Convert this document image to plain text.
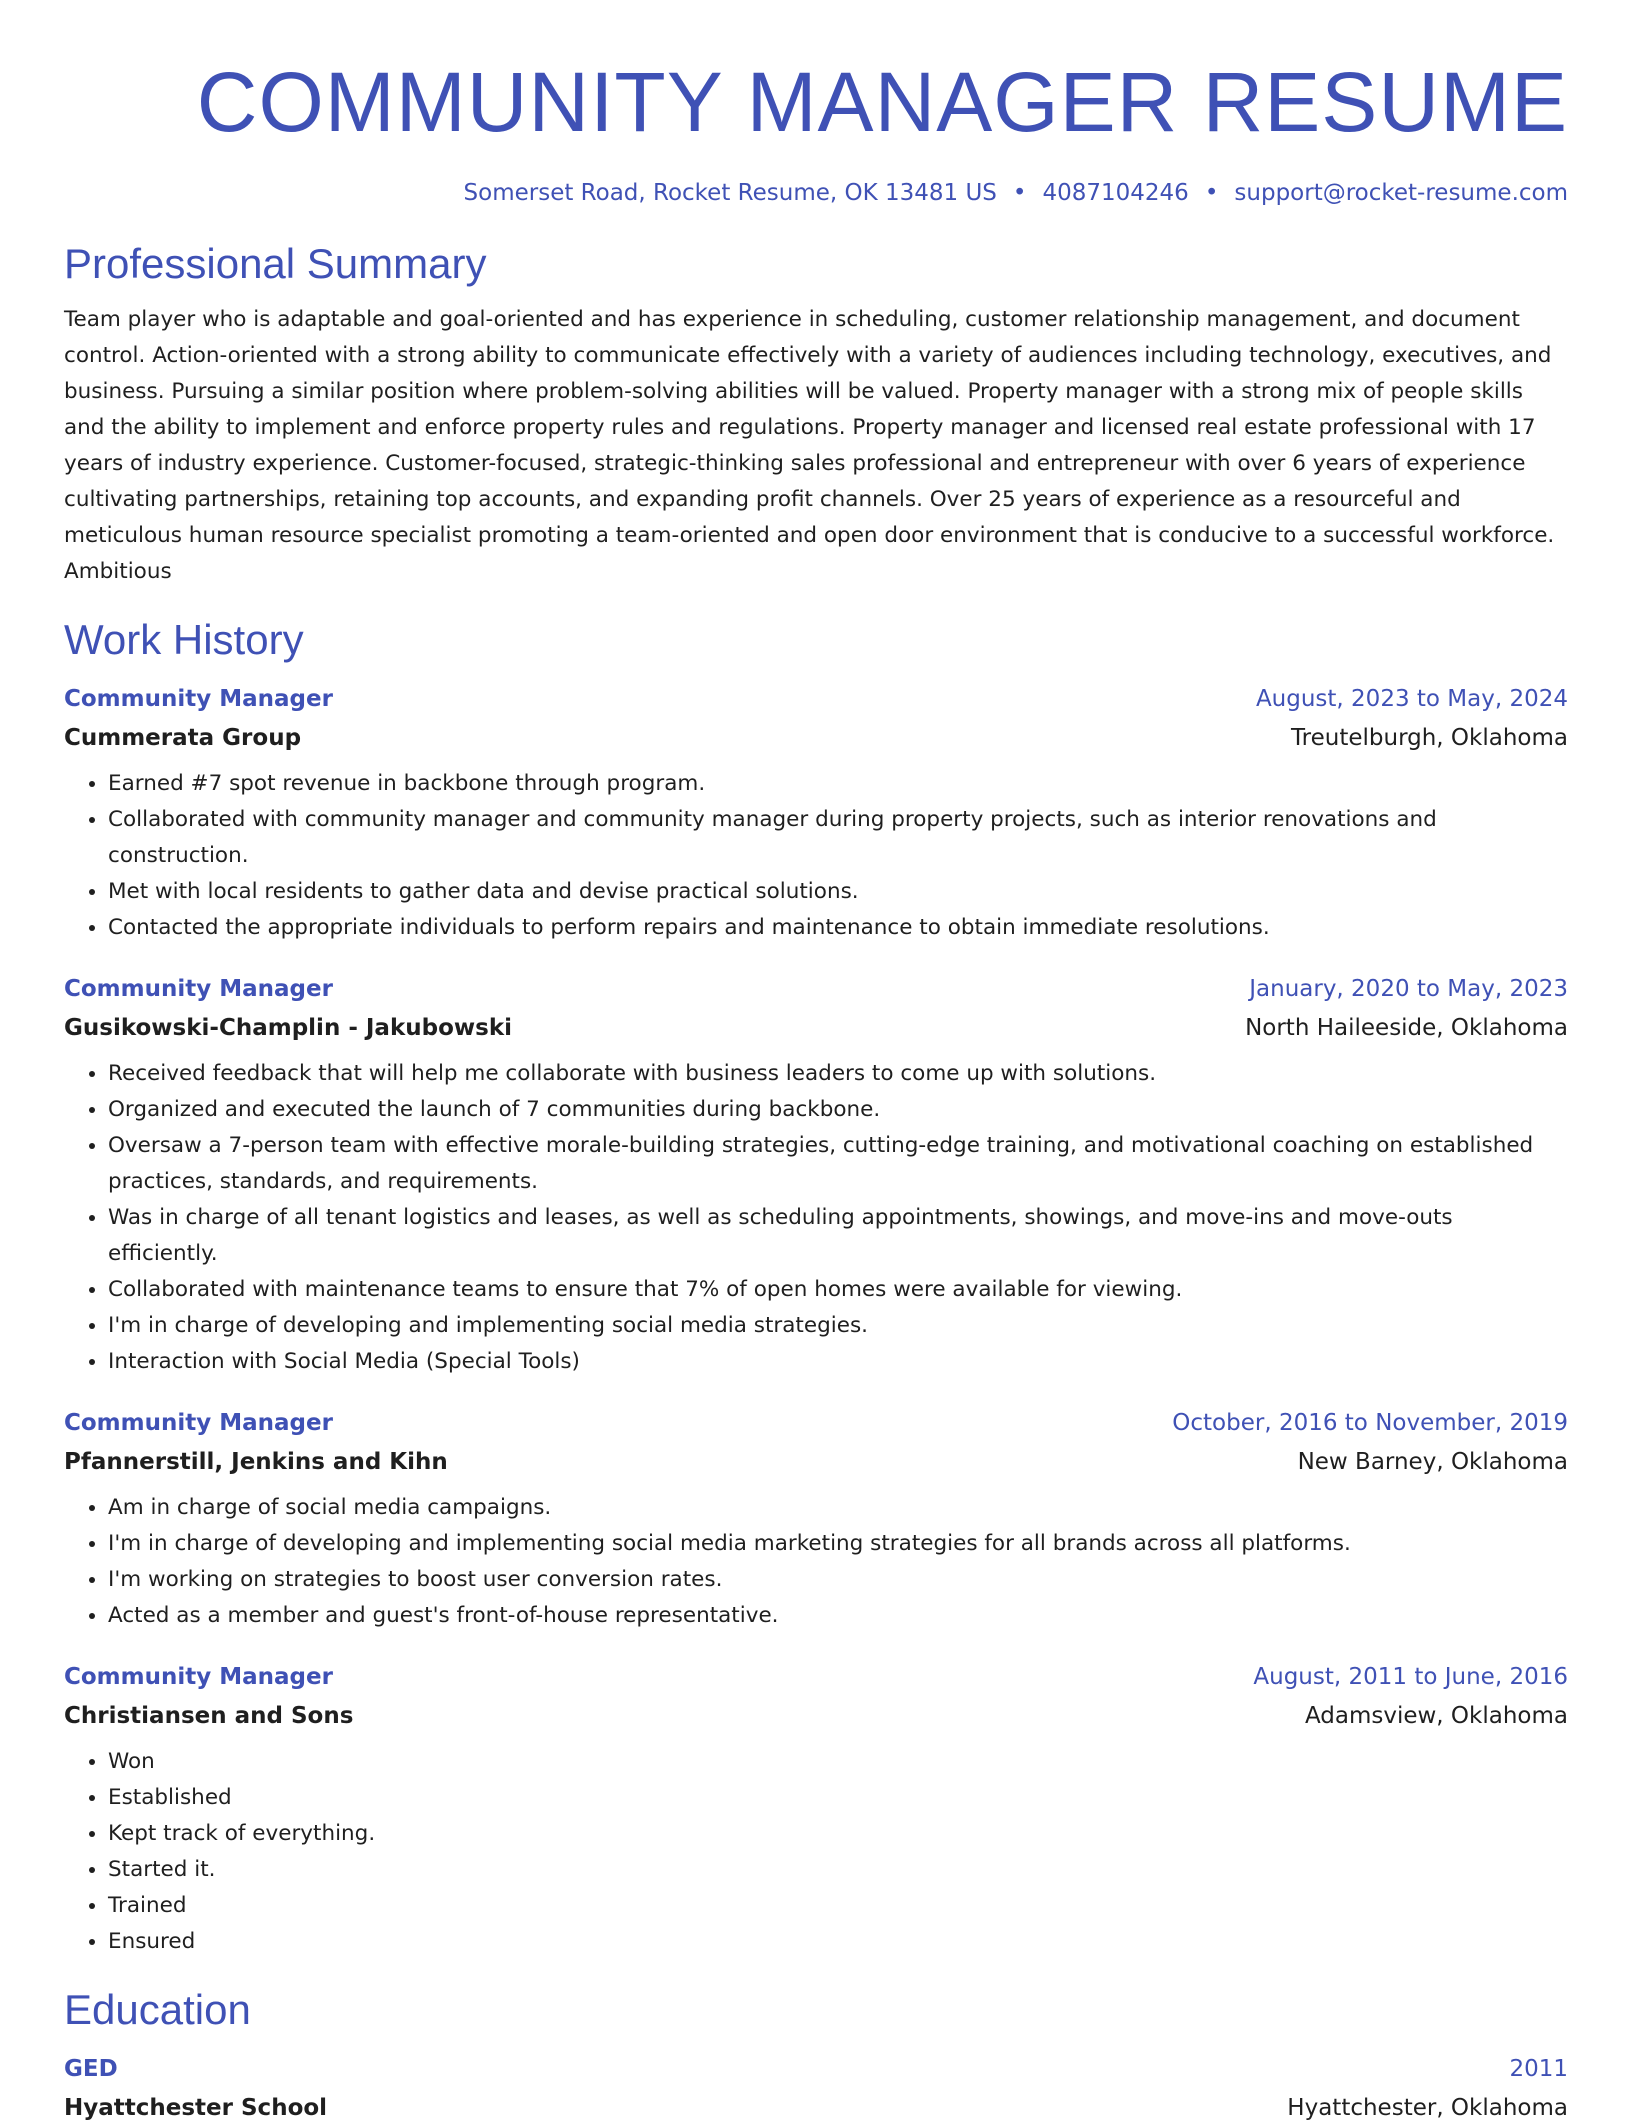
COMMUNITY MANAGER RESUME
Somerset Road, Rocket Resume, OK 13481 US • 4087104246 • support@rocket-resume.com
Professional Summary
Team player who is adaptable and goal-oriented and has experience in scheduling, customer relationship management, and document control. Action-oriented with a strong ability to communicate effectively with a variety of audiences including technology, executives, and business. Pursuing a similar position where problem-solving abilities will be valued. Property manager with a strong mix of people skills and the ability to implement and enforce property rules and regulations. Property manager and licensed real estate professional with 17 years of industry experience. Customer-focused, strategic-thinking sales professional and entrepreneur with over 6 years of experience cultivating partnerships, retaining top accounts, and expanding profit channels. Over 25 years of experience as a resourceful and meticulous human resource specialist promoting a team-oriented and open door environment that is conducive to a successful workforce. Ambitious
Work History
Community Manager	August, 2023 to May, 2024
Cummerata Group	Treutelburgh, Oklahoma
• Earned #7 spot revenue in backbone through program.
• Collaborated with community manager and community manager during property projects, such as interior renovations and construction.
• Met with local residents to gather data and devise practical solutions.
• Contacted the appropriate individuals to perform repairs and maintenance to obtain immediate resolutions.
Community Manager	January, 2020 to May, 2023
Gusikowski-Champlin - Jakubowski	North Haileeside, Oklahoma
• Received feedback that will help me collaborate with business leaders to come up with solutions.
• Organized and executed the launch of 7 communities during backbone.
• Oversaw a 7-person team with effective morale-building strategies, cutting-edge training, and motivational coaching on established practices, standards, and requirements.
• Was in charge of all tenant logistics and leases, as well as scheduling appointments, showings, and move-ins and move-outs efficiently.
• Collaborated with maintenance teams to ensure that 7% of open homes were available for viewing.
• I'm in charge of developing and implementing social media strategies.
• Interaction with Social Media (Special Tools)
Community Manager	October, 2016 to November, 2019
Pfannerstill, Jenkins and Kihn	New Barney, Oklahoma
• Am in charge of social media campaigns.
• I'm in charge of developing and implementing social media marketing strategies for all brands across all platforms.
• I'm working on strategies to boost user conversion rates.
• Acted as a member and guest's front-of-house representative.
Community Manager	August, 2011 to June, 2016
Christiansen and Sons	Adamsview, Oklahoma
• Won
• Established
• Kept track of everything.
• Started it.
• Trained
• Ensured
Education
GED	2011
Hyattchester School	Hyattchester, Oklahoma
